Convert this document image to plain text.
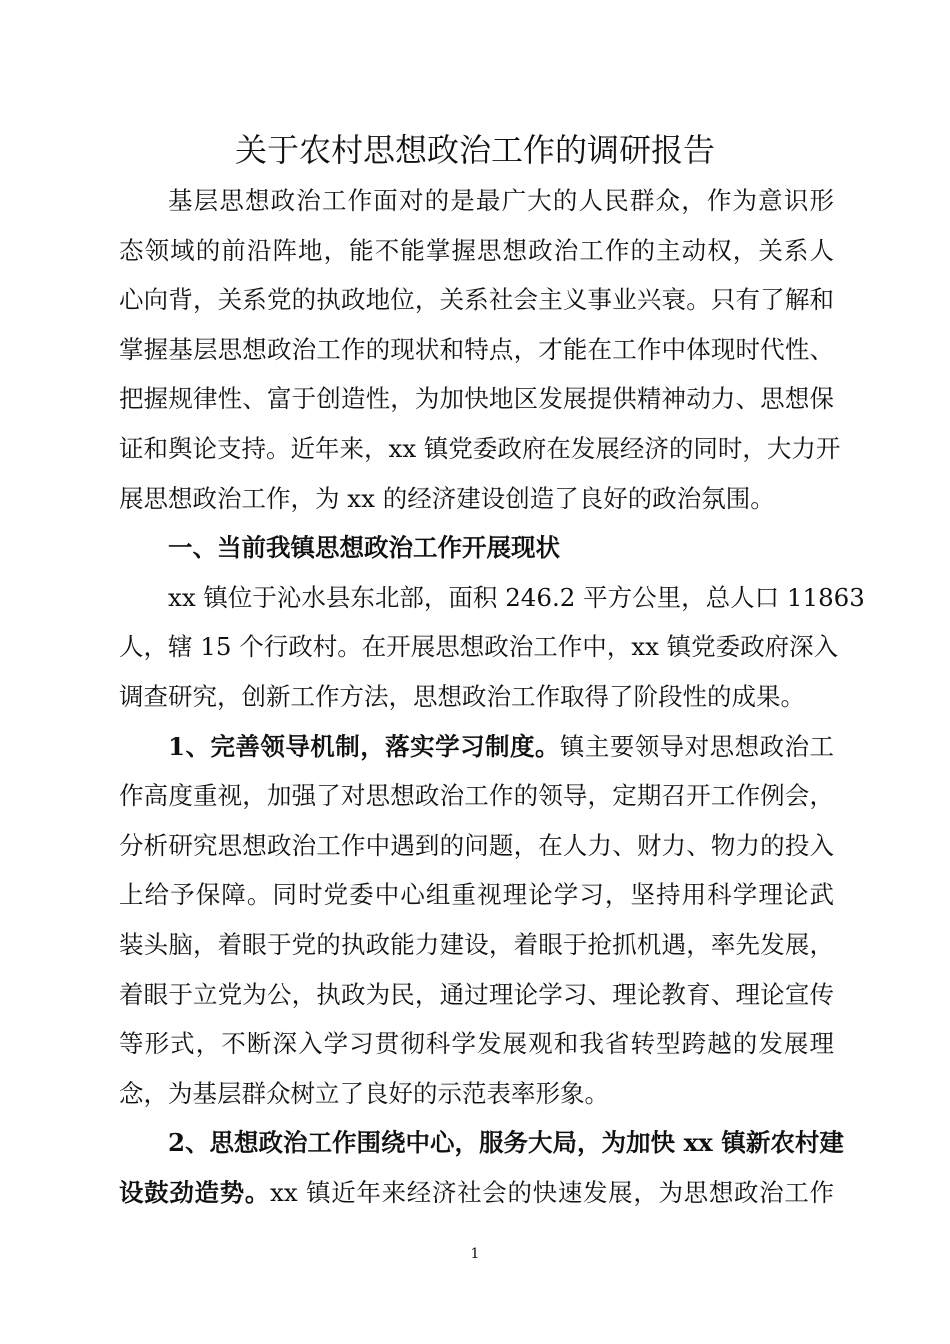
关于农村思想政治工作的调研报告
基层思想政治工作面对的是最广大的人民群众，作为意识形
态领域的前沿阵地，能不能掌握思想政治工作的主动权，关系人
心向背，关系党的执政地位，关系社会主义事业兴衰。只有了解和
掌握基层思想政治工作的现状和特点，才能在工作中体现时代性、
把握规律性、富于创造性，为加快地区发展提供精神动力、思想保
证和舆论支持。近年来，xx 镇党委政府在发展经济的同时，大力开
展思想政治工作，为 xx 的经济建设创造了良好的政治氛围。
一、当前我镇思想政治工作开展现状
xx 镇位于沁水县东北部，面积 246.2 平方公里，总人口 11863
人，辖 15 个行政村。在开展思想政治工作中，xx 镇党委政府深入
调查研究，创新工作方法，思想政治工作取得了阶段性的成果。
1、完善领导机制，落实学习制度。镇主要领导对思想政治工
作高度重视，加强了对思想政治工作的领导，定期召开工作例会，
分析研究思想政治工作中遇到的问题，在人力、财力、物力的投入
上给予保障。同时党委中心组重视理论学习，坚持用科学理论武
装头脑，着眼于党的执政能力建设，着眼于抢抓机遇，率先发展，
着眼于立党为公，执政为民，通过理论学习、理论教育、理论宣传
等形式，不断深入学习贯彻科学发展观和我省转型跨越的发展理
念，为基层群众树立了良好的示范表率形象。
2、思想政治工作围绕中心，服务大局，为加快 xx 镇新农村建
设鼓劲造势。xx 镇近年来经济社会的快速发展，为思想政治工作
1
